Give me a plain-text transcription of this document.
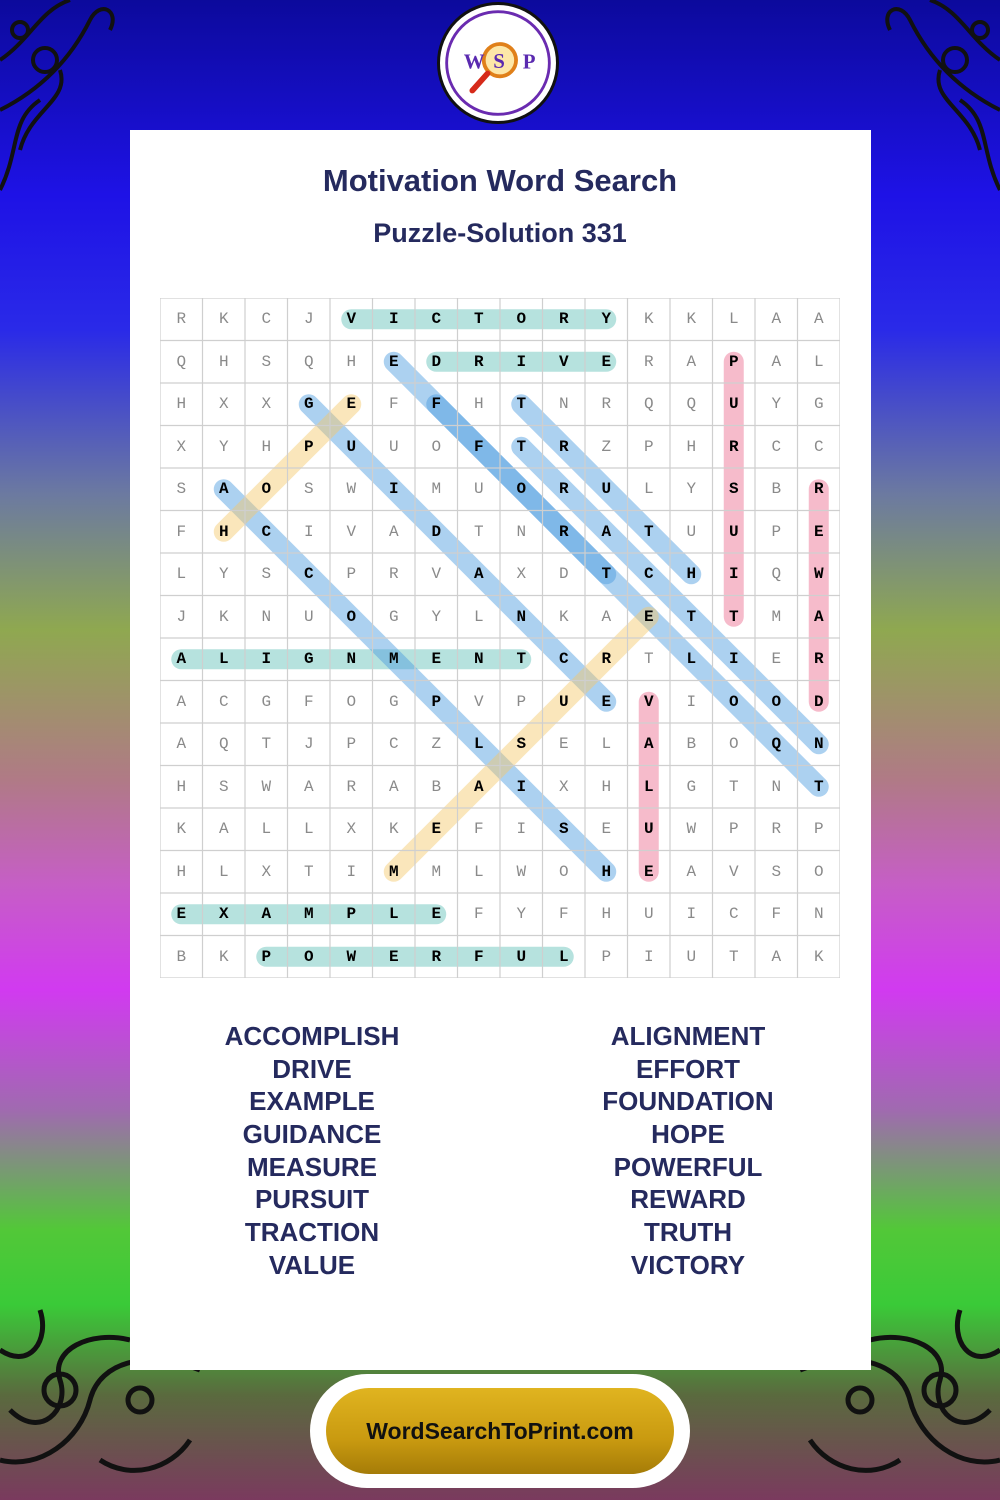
W S P
Motivation Word Search
Puzzle-Solution 331
R	K	C	J	V	I	C	T	O	R	Y	K	K	L	A	A
Q	H	S	Q	H	E	D	R	I	V	E	R	A	P	A	L
H	X	X	G	E	F	F	H	T	N	R	Q	Q	U	Y	G
X	Y	H	P	U	U	O	F	T	R	Z	P	H	R	C	C
S	A	O	S	W	I	M	U	O	R	U	L	Y	S	B	R
F	H	C	I	V	A	D	T	N	R	A	T	U	U	P	E
L	Y	S	C	P	R	V	A	X	D	T	C	H	I	Q	W
J	K	N	U	O	G	Y	L	N	K	A	E	T	T	M	A
A	L	I	G	N	M	E	N	T	C	R	T	L	I	E	R
A	C	G	F	O	G	P	V	P	U	E	V	I	O	O	D
A	Q	T	J	P	C	Z	L	S	E	L	A	B	O	Q	N
H	S	W	A	R	A	B	A	I	X	H	L	G	T	N	T
K	A	L	L	X	K	E	F	I	S	E	U	W	P	R	P
H	L	X	T	I	M	M	L	W	O	H	E	A	V	S	O
E	X	A	M	P	L	E	F	Y	F	H	U	I	C	F	N
B	K	P	O	W	E	R	F	U	L	P	I	U	T	A	K
ACCOMPLISH
DRIVE
EXAMPLE
GUIDANCE
MEASURE
PURSUIT
TRACTION
VALUE
ALIGNMENT
EFFORT
FOUNDATION
HOPE
POWERFUL
REWARD
TRUTH
VICTORY
WordSearchToPrint.com
